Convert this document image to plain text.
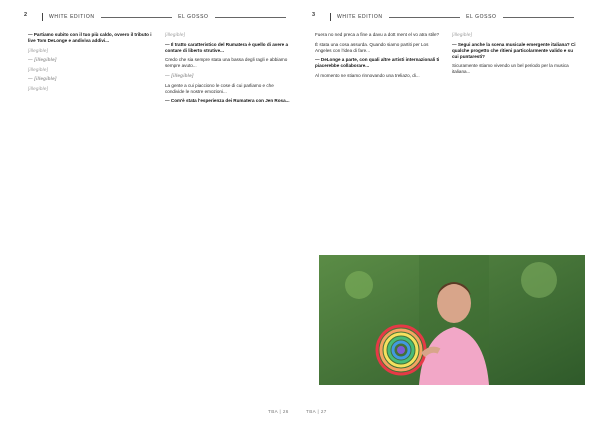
2	WHITE EDITION	EL GOSSO	3	WHITE EDITION	EL GOSSO

— Partiamo subito con il tuo più caldo, ovvero il tributo i live Tom DeLonge e andiviva addivi...

[illegible]

— [illegible]

[illegible]

— [illegible]

[illegible]

[illegible]

— Il tratto caratteristico del Rumatera è quello di avere a contare di liberto strutive...

Credo che sia sempre stata una bassa degli ragli e abbiamo sempre avuto...

— [illegible]

La gente a cui piacciono le cose di cui parliamo e che condivide le nostre emozioni...

— Com'è stata l'esperienza dei Rumatera con Jen Rosa...

Fuera no ned preca a fine a davu a dott ment el vo atra stile?

È stata una cosa assurda. Quando siamo partiti per Los Angeles con l'idea di fare...

— DeLonge a parte, con quali altre artisti internazionali ti piacerebbe collaborare...

Al momento ne stiamo rinnovando una treliazo, di...

[illegible]

— Segui anche la scena musicale emergente italiana? Ci qualche progetto che ritieni particolarmente valido e su cui puntaresti?

Sicuramente stiamo vivendo un bel periodo per la musica italiana...

TBA | 26	TBA | 27
